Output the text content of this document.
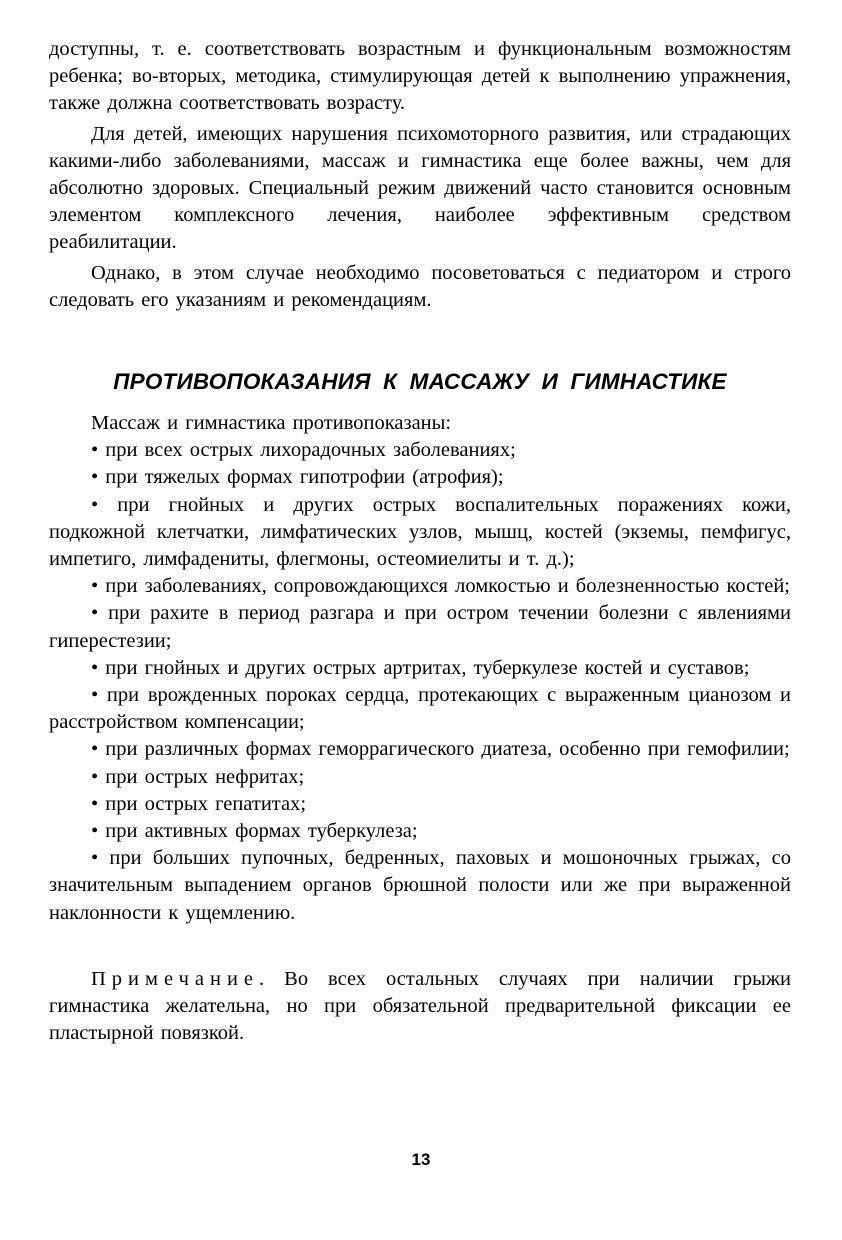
доступны, т. е. соответствовать возрастным и функциональным возможностям ребенка; во-вторых, методика, стимулирующая детей к выполнению упражнения, также должна соответствовать возрасту.

Для детей, имеющих нарушения психомоторного развития, или страдающих какими-либо заболеваниями, массаж и гимнастика еще более важны, чем для абсолютно здоровых. Специальный режим движений часто становится основным элементом комплексного лечения, наиболее эффективным средством реабилитации.

Однако, в этом случае необходимо посоветоваться с педиатором и строго следовать его указаниям и рекомендациям.

ПРОТИВОПОКАЗАНИЯ К МАССАЖУ И ГИМНАСТИКЕ

Массаж и гимнастика противопоказаны:

• при всех острых лихорадочных заболеваниях;

• при тяжелых формах гипотрофии (атрофия);

• при гнойных и других острых воспалительных поражениях кожи, подкожной клетчатки, лимфатических узлов, мышц, костей (экземы, пемфигус, импетиго, лимфадениты, флегмоны, остеомиелиты и т. д.);

• при заболеваниях, сопровождающихся ломкостью и болезненностью костей;

• при рахите в период разгара и при остром течении болезни с явлениями гиперестезии;

• при гнойных и других острых артритах, туберкулезе костей и суставов;

• при врожденных пороках сердца, протекающих с выраженным цианозом и расстройством компенсации;

• при различных формах геморрагического диатеза, особенно при гемофилии;

• при острых нефритах;

• при острых гепатитах;

• при активных формах туберкулеза;

• при больших пупочных, бедренных, паховых и мошоночных грыжах, со значительным выпадением органов брюшной полости или же при выраженной наклонности к ущемлению.

Примечание. Во всех остальных случаях при наличии грыжи гимнастика желательна, но при обязательной предварительной фиксации ее пластырной повязкой.

13
